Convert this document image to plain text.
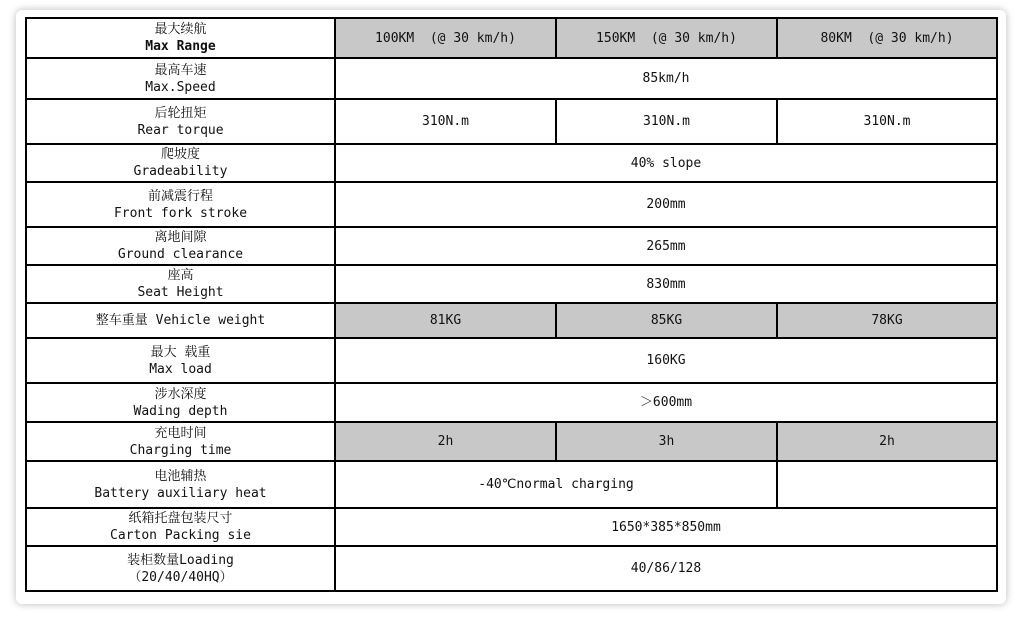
最大续航
Max Range	100KM  (@ 30 km/h)	150KM  (@ 30 km/h)	80KM  (@ 30 km/h)

最高车速
Max.Speed	85km/h		

后轮扭矩
Rear torque	310N.m	310N.m	310N.m

爬坡度
Gradeability	40% slope		

前减震行程
Front fork stroke	200mm		

离地间隙
Ground clearance	265mm		

座高
Seat Height	830mm		
整车重量 Vehicle weight	81KG	85KG	78KG

最大 载重
Max load	160KG		

涉水深度
Wading depth	＞600mm		

充电时间
Charging time	2h	3h	2h

电池辅热
Battery auxiliary heat	-40℃normal charging		

纸箱托盘包装尺寸
Carton Packing sie	1650*385*850mm		

装柜数量Loading
（20/40/40HQ）	40/86/128		
